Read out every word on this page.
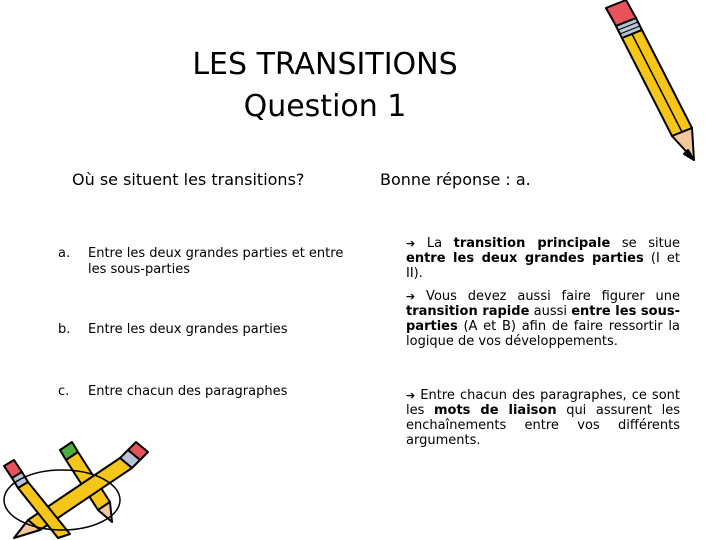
LES TRANSITIONS
Question 1
Où se situent les transitions?	Bonne réponse : a.
a. Entre les deux grandes parties et entre les sous-parties
b. Entre les deux grandes parties
c. Entre chacun des paragraphes
➔ La transition principale se situe entre les deux grandes parties (I et II).
➔ Vous devez aussi faire figurer une transition rapide aussi entre les sous-parties (A et B) afin de faire ressortir la logique de vos développements.
➔ Entre chacun des paragraphes, ce sont les mots de liaison qui assurent les enchaînements entre vos différents arguments.
